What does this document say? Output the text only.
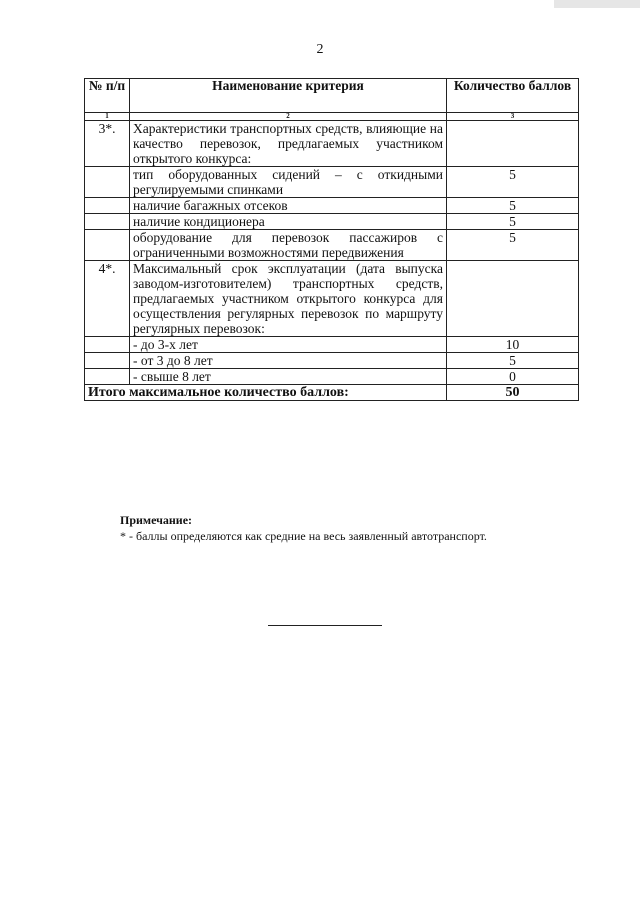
2
№ п/п	Наименование критерия	Количество баллов
1	2	3
3*.	Характеристики транспортных средств, влияющие на качество перевозок, предлагаемых участником открытого конкурса:	
	тип оборудованных сидений – с откидными регулируемыми спинками	5
	наличие багажных отсеков	5
	наличие кондиционера	5
	оборудование для перевозок пассажиров с ограниченными возможностями передвижения	5
4*.	Максимальный срок эксплуатации (дата выпуска заводом-изготовителем) транспортных средств, предлагаемых участником открытого конкурса для осуществления регулярных перевозок по маршруту регулярных перевозок:	
	- до 3-х лет	10
	- от 3 до 8 лет	5
	- свыше 8 лет	0
Итого максимальное количество баллов:		50
Примечание:
* - баллы определяются как средние на весь заявленный автотранспорт.
